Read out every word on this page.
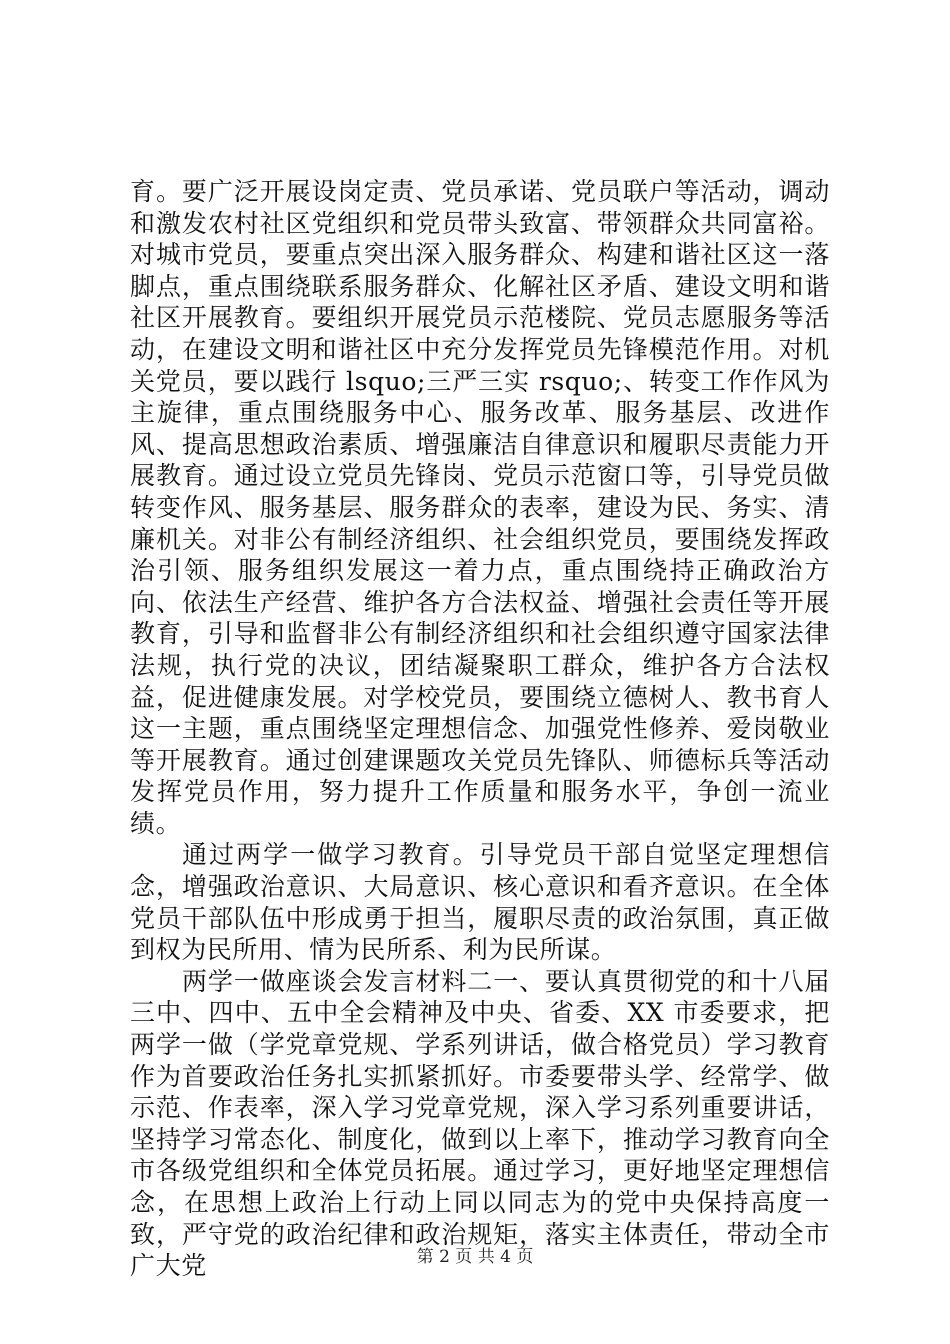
育。要广泛开展设岗定责、党员承诺、党员联户等活动，调动和激发农村社区党组织和党员带头致富、带领群众共同富裕。对城市党员，要重点突出深入服务群众、构建和谐社区这一落脚点，重点围绕联系服务群众、化解社区矛盾、建设文明和谐社区开展教育。要组织开展党员示范楼院、党员志愿服务等活动，在建设文明和谐社区中充分发挥党员先锋模范作用。对机关党员，要以践行 lsquo;三严三实 rsquo;、转变工作作风为主旋律，重点围绕服务中心、服务改革、服务基层、改进作风、提高思想政治素质、增强廉洁自律意识和履职尽责能力开展教育。通过设立党员先锋岗、党员示范窗口等，引导党员做转变作风、服务基层、服务群众的表率，建设为民、务实、清廉机关。对非公有制经济组织、社会组织党员，要围绕发挥政治引领、服务组织发展这一着力点，重点围绕持正确政治方向、依法生产经营、维护各方合法权益、增强社会责任等开展教育，引导和监督非公有制经济组织和社会组织遵守国家法律法规，执行党的决议，团结凝聚职工群众，维护各方合法权益，促进健康发展。对学校党员，要围绕立德树人、教书育人这一主题，重点围绕坚定理想信念、加强党性修养、爱岗敬业等开展教育。通过创建课题攻关党员先锋队、师德标兵等活动发挥党员作用，努力提升工作质量和服务水平，争创一流业绩。

通过两学一做学习教育。引导党员干部自觉坚定理想信念，增强政治意识、大局意识、核心意识和看齐意识。在全体党员干部队伍中形成勇于担当，履职尽责的政治氛围，真正做到权为民所用、情为民所系、利为民所谋。

两学一做座谈会发言材料二一、要认真贯彻党的和十八届三中、四中、五中全会精神及中央、省委、XX 市委要求，把两学一做（学党章党规、学系列讲话，做合格党员）学习教育作为首要政治任务扎实抓紧抓好。市委要带头学、经常学、做示范、作表率，深入学习党章党规，深入学习系列重要讲话，坚持学习常态化、制度化，做到以上率下，推动学习教育向全市各级党组织和全体党员拓展。通过学习，更好地坚定理想信念，在思想上政治上行动上同以同志为的党中央保持高度一致，严守党的政治纪律和政治规矩，落实主体责任，带动全市广大党	第 2 页 共 4 页
